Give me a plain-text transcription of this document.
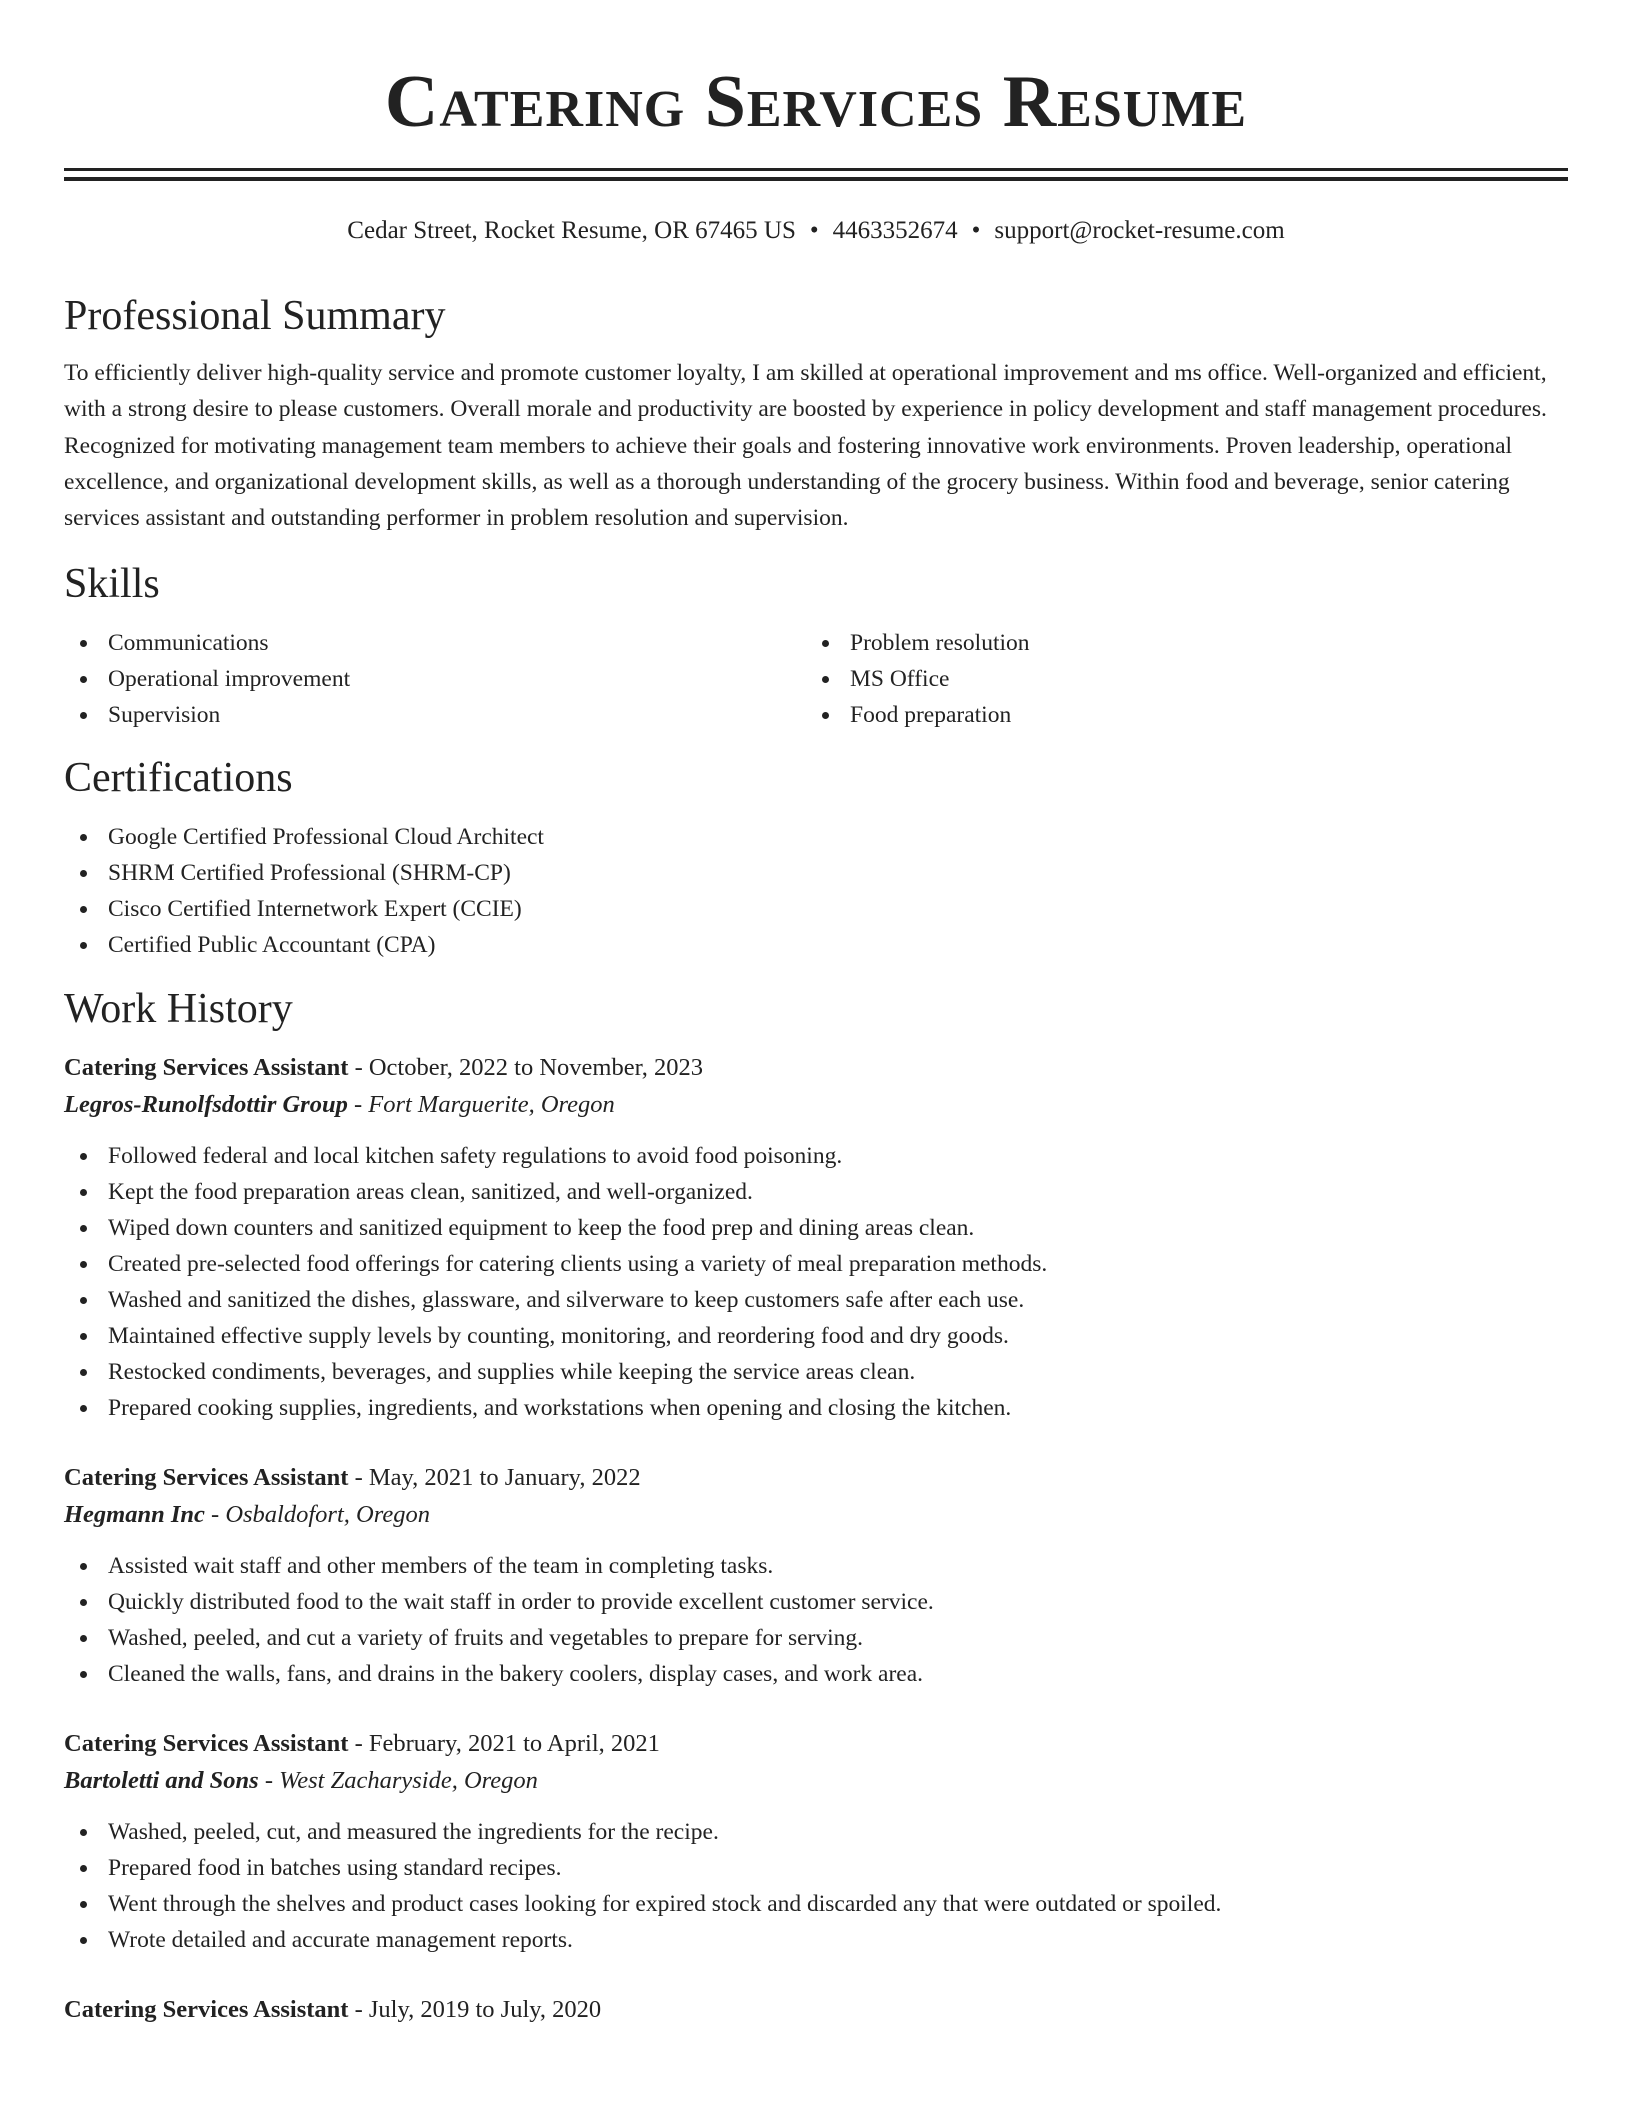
Catering Services Resume
Cedar Street, Rocket Resume, OR 67465 US • 4463352674 • support@rocket-resume.com
Professional Summary
To efficiently deliver high-quality service and promote customer loyalty, I am skilled at operational improvement and ms office. Well-organized and efficient, with a strong desire to please customers. Overall morale and productivity are boosted by experience in policy development and staff management procedures. Recognized for motivating management team members to achieve their goals and fostering innovative work environments. Proven leadership, operational excellence, and organizational development skills, as well as a thorough understanding of the grocery business. Within food and beverage, senior catering services assistant and outstanding performer in problem resolution and supervision.
Skills
Communications
Operational improvement
Supervision
Problem resolution
MS Office
Food preparation
Certifications
Google Certified Professional Cloud Architect
SHRM Certified Professional (SHRM-CP)
Cisco Certified Internetwork Expert (CCIE)
Certified Public Accountant (CPA)
Work History
Catering Services Assistant - October, 2022 to November, 2023
Legros-Runolfsdottir Group - Fort Marguerite, Oregon
Followed federal and local kitchen safety regulations to avoid food poisoning.
Kept the food preparation areas clean, sanitized, and well-organized.
Wiped down counters and sanitized equipment to keep the food prep and dining areas clean.
Created pre-selected food offerings for catering clients using a variety of meal preparation methods.
Washed and sanitized the dishes, glassware, and silverware to keep customers safe after each use.
Maintained effective supply levels by counting, monitoring, and reordering food and dry goods.
Restocked condiments, beverages, and supplies while keeping the service areas clean.
Prepared cooking supplies, ingredients, and workstations when opening and closing the kitchen.
Catering Services Assistant - May, 2021 to January, 2022
Hegmann Inc - Osbaldofort, Oregon
Assisted wait staff and other members of the team in completing tasks.
Quickly distributed food to the wait staff in order to provide excellent customer service.
Washed, peeled, and cut a variety of fruits and vegetables to prepare for serving.
Cleaned the walls, fans, and drains in the bakery coolers, display cases, and work area.
Catering Services Assistant - February, 2021 to April, 2021
Bartoletti and Sons - West Zacharyside, Oregon
Washed, peeled, cut, and measured the ingredients for the recipe.
Prepared food in batches using standard recipes.
Went through the shelves and product cases looking for expired stock and discarded any that were outdated or spoiled.
Wrote detailed and accurate management reports.
Catering Services Assistant - July, 2019 to July, 2020
